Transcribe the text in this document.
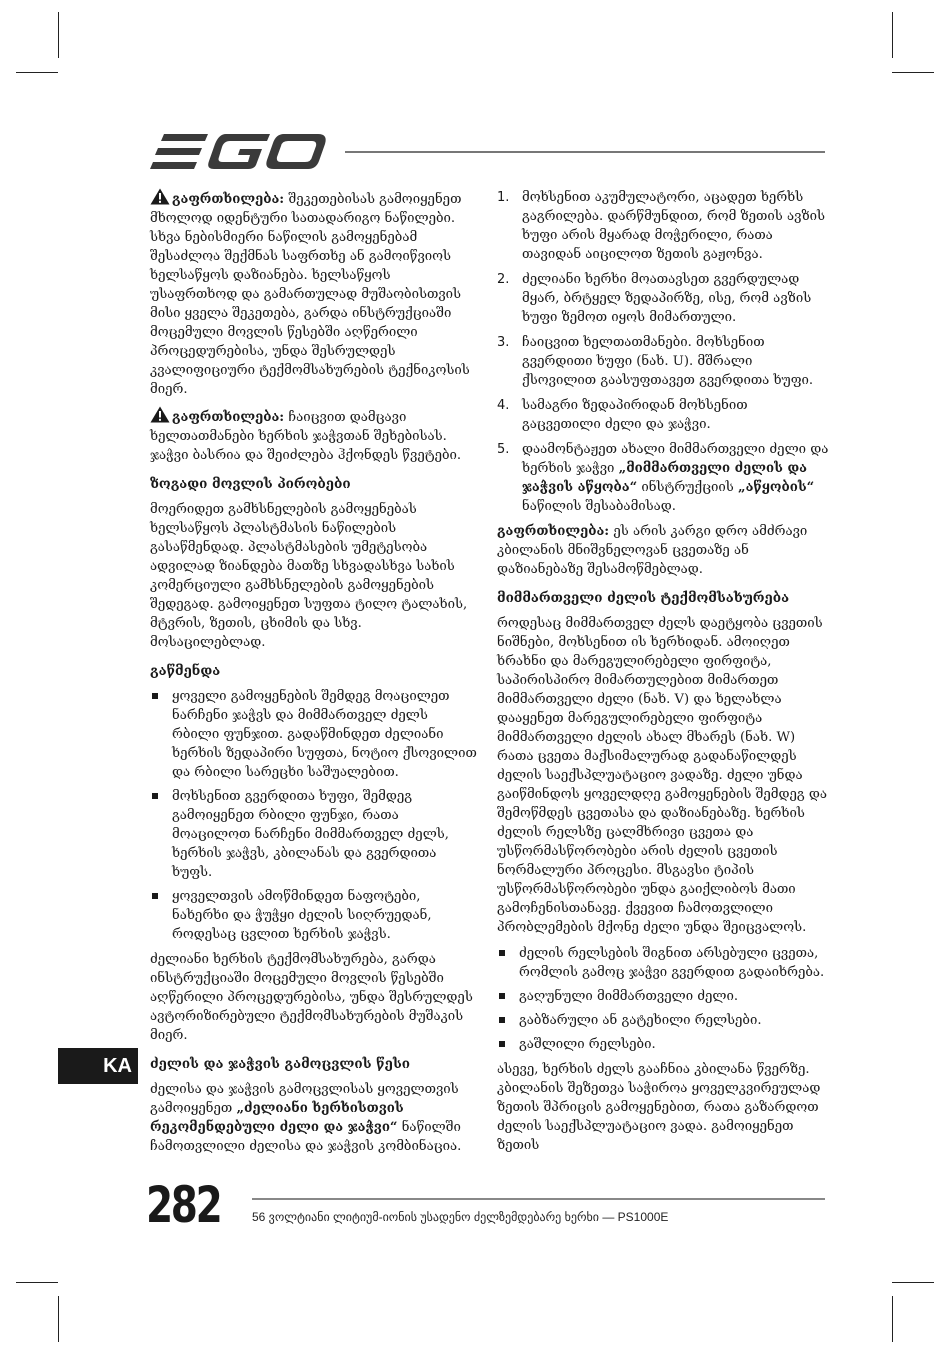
EGO

გაფრთხილება: შეკეთებისას გამოიყენეთ მხოლოდ იდენტური სათადარიგო ნაწილები. სხვა ნებისმიერი ნაწილის გამოყენებამ შესაძლოა შექმნას საფრთხე ან გამოიწვიოს ხელსაწყოს დაზიანება. ხელსაწყოს უსაფრთხოდ და გამართულად მუშაობისთვის მისი ყველა შეკეთება, გარდა ინსტრუქციაში მოცემული მოვლის წესებში აღწერილი პროცედურებისა, უნდა შესრულდეს კვალიფიციური ტექმომსახურების ტექნიკოსის მიერ.

გაფრთხილება: ჩაიცვით დამცავი ხელთათმანები ხერხის ჯაჭვთან შეხებისას. ჯაჭვი ბასრია და შეიძლება ჰქონდეს წვეტები.

ზოგადი მოვლის პირობები

მოერიდეთ გამხსნელების გამოყენებას ხელსაწყოს პლასტმასის ნაწილების გასაწმენდად. პლასტმასების უმეტესობა ადვილად ზიანდება მათზე სხვადასხვა სახის კომერციული გამხსნელების გამოყენების შედეგად. გამოიყენეთ სუფთა ტილო ტალახის, მტვრის, ზეთის, ცხიმის და სხვ. მოსაცილებლად.

გაწმენდა
ყოველი გამოყენების შემდეგ მოაცილეთ ნარჩენი ჯაჭვს და მიმმართველ ძელს რბილი ფუნჯით. გადაწმინდეთ ძელიანი ხერხის ზედაპირი სუფთა, ნოტიო ქსოვილით და რბილი სარეცხი საშუალებით.
მოხსენით გვერდითა ხუფი, შემდეგ გამოიყენეთ რბილი ფუნჯი, რათა მოაცილოთ ნარჩენი მიმმართველ ძელს, ხერხის ჯაჭვს, კბილანას და გვერდითა ხუფს.
ყოველთვის ამოწმინდეთ ნაფოტები, ნახერხი და ჭუჭყი ძელის სიღრუედან, როდესაც ცვლით ხერხის ჯაჭვს.

ძელიანი ხერხის ტექმომსახურება, გარდა ინსტრუქციაში მოცემული მოვლის წესებში აღწერილი პროცედურებისა, უნდა შესრულდეს ავტორიზირებული ტექმომსახურების მუშაკის მიერ.

ძელის და ჯაჭვის გამოცვლის წესი

ძელისა და ჯაჭვის გამოცვლისას ყოველთვის გამოიყენეთ „ძელიანი ხერხისთვის რეკომენდებული ძელი და ჯაჭვი“ ნაწილში ჩამოთვლილი ძელისა და ჯაჭვის კომბინაცია.

1. მოხსენით აკუმულატორი, აცადეთ ხერხს გაგრილება. დარწმუნდით, რომ ზეთის ავზის ხუფი არის მყარად მოჭერილი, რათა თავიდან აიცილოთ ზეთის გაჟონვა.
2. ძელიანი ხერხი მოათავსეთ გვერდულად მყარ, ბრტყელ ზედაპირზე, ისე, რომ ავზის ხუფი ზემოთ იყოს მიმართული.
3. ჩაიცვით ხელთათმანები. მოხსენით გვერდითი ხუფი (ნახ. U). მშრალი ქსოვილით გაასუფთავეთ გვერდითა ხუფი.
4. სამაგრი ზედაპირიდან მოხსენით გაცვეთილი ძელი და ჯაჭვი.
5. დაამონტაჟეთ ახალი მიმმართველი ძელი და ხერხის ჯაჭვი „მიმმართველი ძელის და ჯაჭვის აწყობა“ ინსტრუქციის „აწყობის“ ნაწილის შესაბამისად.

გაფრთხილება: ეს არის კარგი დრო ამძრავი კბილანის მნიშვნელოვან ცვეთაზე ან დაზიანებაზე შესამოწმებლად.

მიმმართველი ძელის ტექმომსახურება

როდესაც მიმმართველ ძელს დაეტყობა ცვეთის ნიშნები, მოხსენით ის ხერხიდან. ამოიღეთ ხრახნი და მარეგულირებელი ფირფიტა, საპირისპირო მიმართულებით მიმართეთ მიმმართველი ძელი (ნახ. V) და ხელახლა დააყენეთ მარეგულირებელი ფირფიტა მიმმართველი ძელის ახალ მხარეს (ნახ. W) რათა ცვეთა მაქსიმალურად გადანაწილდეს ძელის საექსპლუატაციო ვადაზე. ძელი უნდა გაიწმინდოს ყოველდღე გამოყენების შემდეგ და შემოწმდეს ცვეთასა და დაზიანებაზე. ხერხის ძელის რელსზე ცალმხრივი ცვეთა და უსწორმასწორობები არის ძელის ცვეთის ნორმალური პროცესი. მსგავსი ტიპის უსწორმასწორობები უნდა გაიქლიბოს მათი გამოჩენისთანავე. ქვევით ჩამოთვლილი პრობლემების მქონე ძელი უნდა შეიცვალოს.

ძელის რელსების შიგნით არსებული ცვეთა, რომლის გამოც ჯაჭვი გვერდით გადაიხრება.
გაღუნული მიმმართველი ძელი.
გაბზარული ან გატეხილი რელსები.
გაშლილი რელსები.

ასევე, ხერხის ძელს გააჩნია კბილანა წვერზე. კბილანის შეზეთვა საჭიროა ყოველკვირეულად ზეთის შპრიცის გამოყენებით, რათა გაზარდოთ ძელის საექსპლუატაციო ვადა. გამოიყენეთ ზეთის

KA
282	56 ვოლტიანი ლიტიუმ-იონის უსადენო ძელზემდებარე ხერხი — PS1000E
